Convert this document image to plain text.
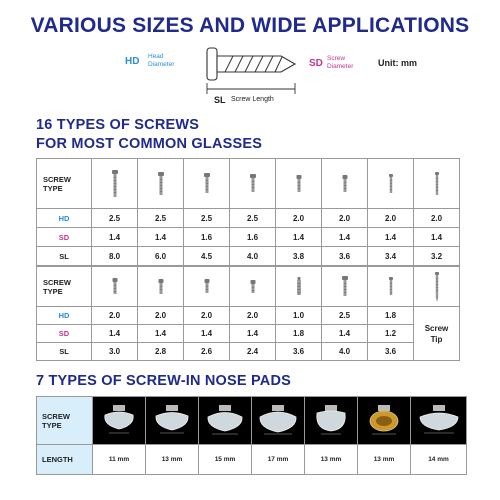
VARIOUS SIZES AND WIDE APPLICATIONS
HD Head
Diameter	SD Screw
Diameter	Unit: mm
SL Screw Length
16 TYPES OF SCREWS
FOR MOST COMMON GLASSES
SCREW
TYPE

HD	2.5	2.5	2.5	2.5	2.0	2.0	2.0	2.0
SD	1.4	1.4	1.6	1.6	1.4	1.4	1.4	1.4
SL	8.0	6.0	4.5	4.0	3.8	3.6	3.4	3.2
SCREW
TYPE

HD	2.0	2.0	2.0	2.0	1.0	2.5	1.8	Screw
Tip

SD	1.4	1.4	1.4	1.4	1.8	1.4	1.2	
SL	3.0	2.8	2.6	2.4	3.6	4.0	3.6	
7 TYPES OF SCREW-IN NOSE PADS
SCREW
TYPE

LENGTH	11 mm	13 mm	15 mm	17 mm	13 mm	13 mm	14 mm
